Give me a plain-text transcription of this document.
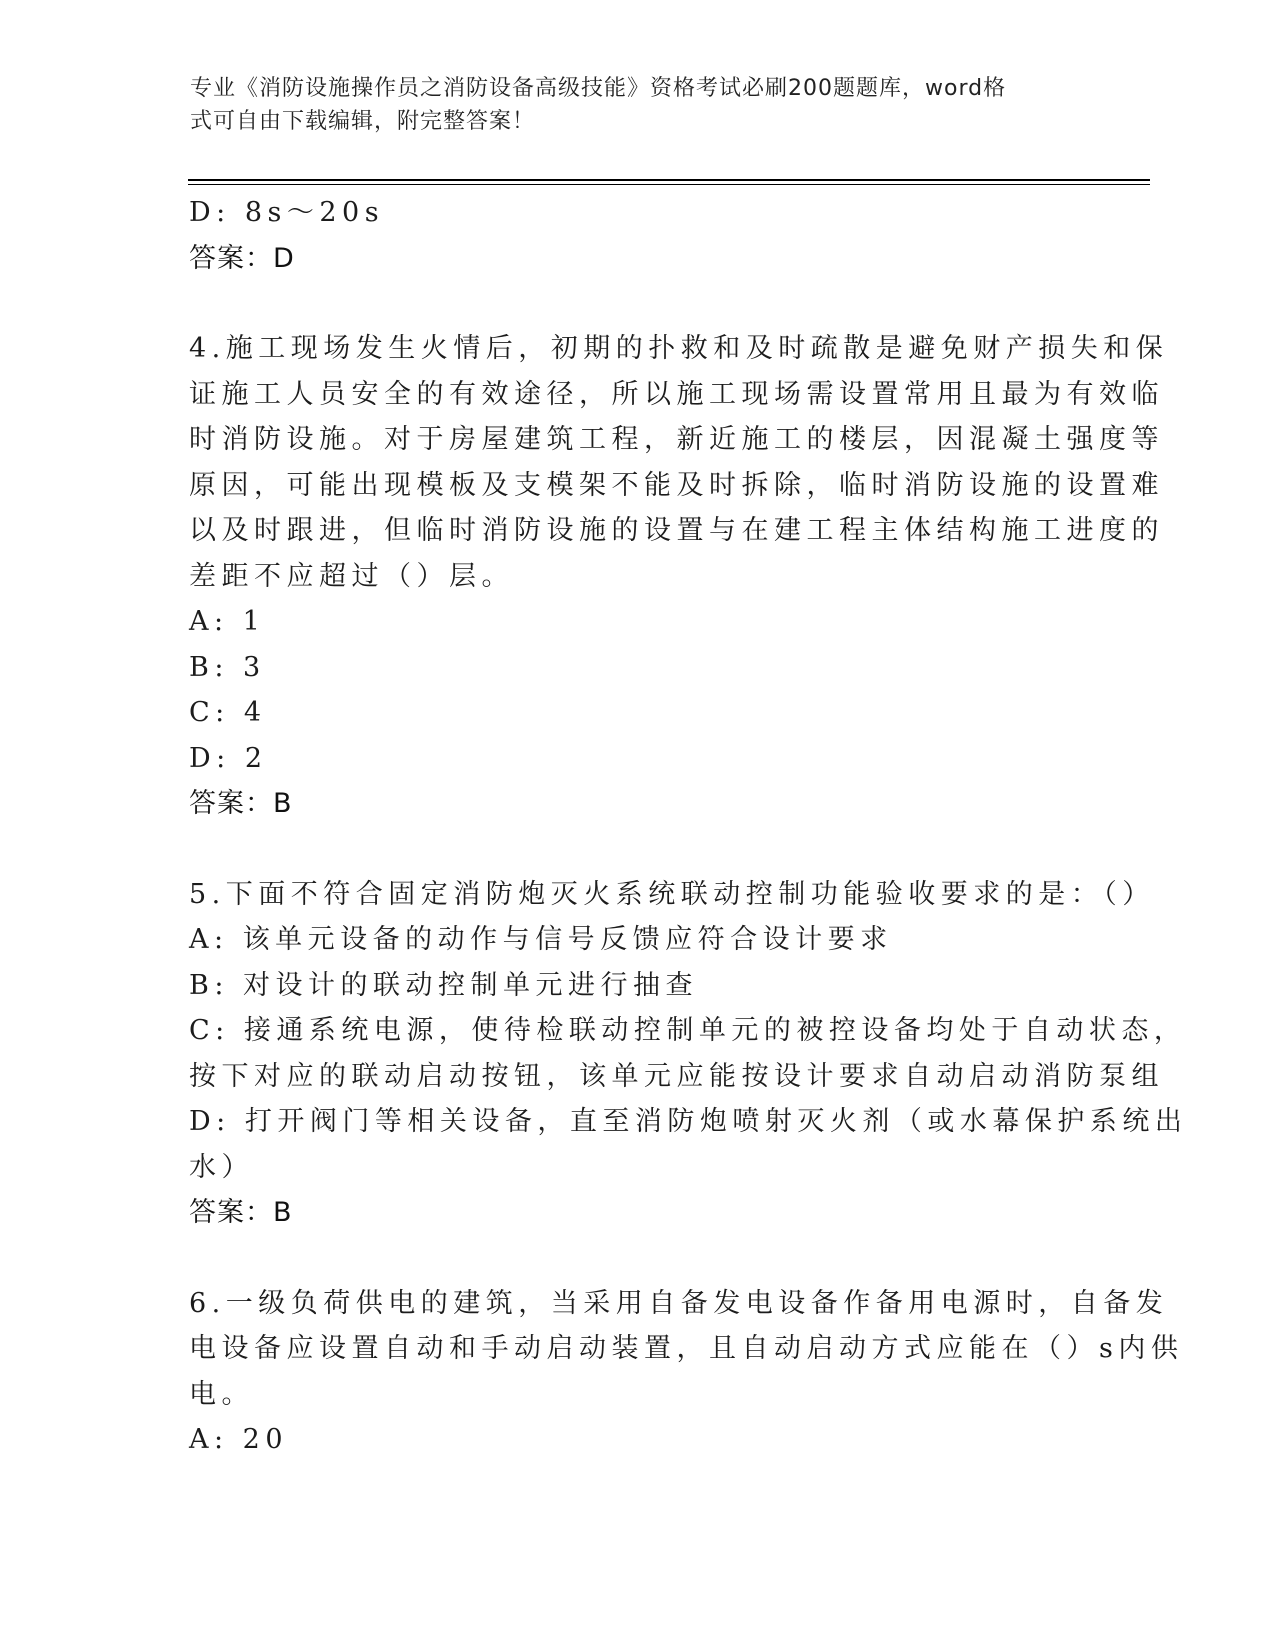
专业《消防设施操作员之消防设备高级技能》资格考试必刷200题题库，word格
式可自由下载编辑，附完整答案！
D: 8s～20s
答案：D
4.施工现场发生火情后，初期的扑救和及时疏散是避免财产损失和保
证施工人员安全的有效途径，所以施工现场需设置常用且最为有效临
时消防设施。对于房屋建筑工程，新近施工的楼层，因混凝土强度等
原因，可能出现模板及支模架不能及时拆除，临时消防设施的设置难
以及时跟进，但临时消防设施的设置与在建工程主体结构施工进度的
差距不应超过（）层。
A: 1
B: 3
C: 4
D: 2
答案：B
5.下面不符合固定消防炮灭火系统联动控制功能验收要求的是：（）
A: 该单元设备的动作与信号反馈应符合设计要求
B: 对设计的联动控制单元进行抽查
C: 接通系统电源，使待检联动控制单元的被控设备均处于自动状态，
按下对应的联动启动按钮，该单元应能按设计要求自动启动消防泵组
D: 打开阀门等相关设备，直至消防炮喷射灭火剂（或水幕保护系统出
水）
答案：B
6.一级负荷供电的建筑，当采用自备发电设备作备用电源时，自备发
电设备应设置自动和手动启动装置，且自动启动方式应能在（）s内供
电。
A: 20
